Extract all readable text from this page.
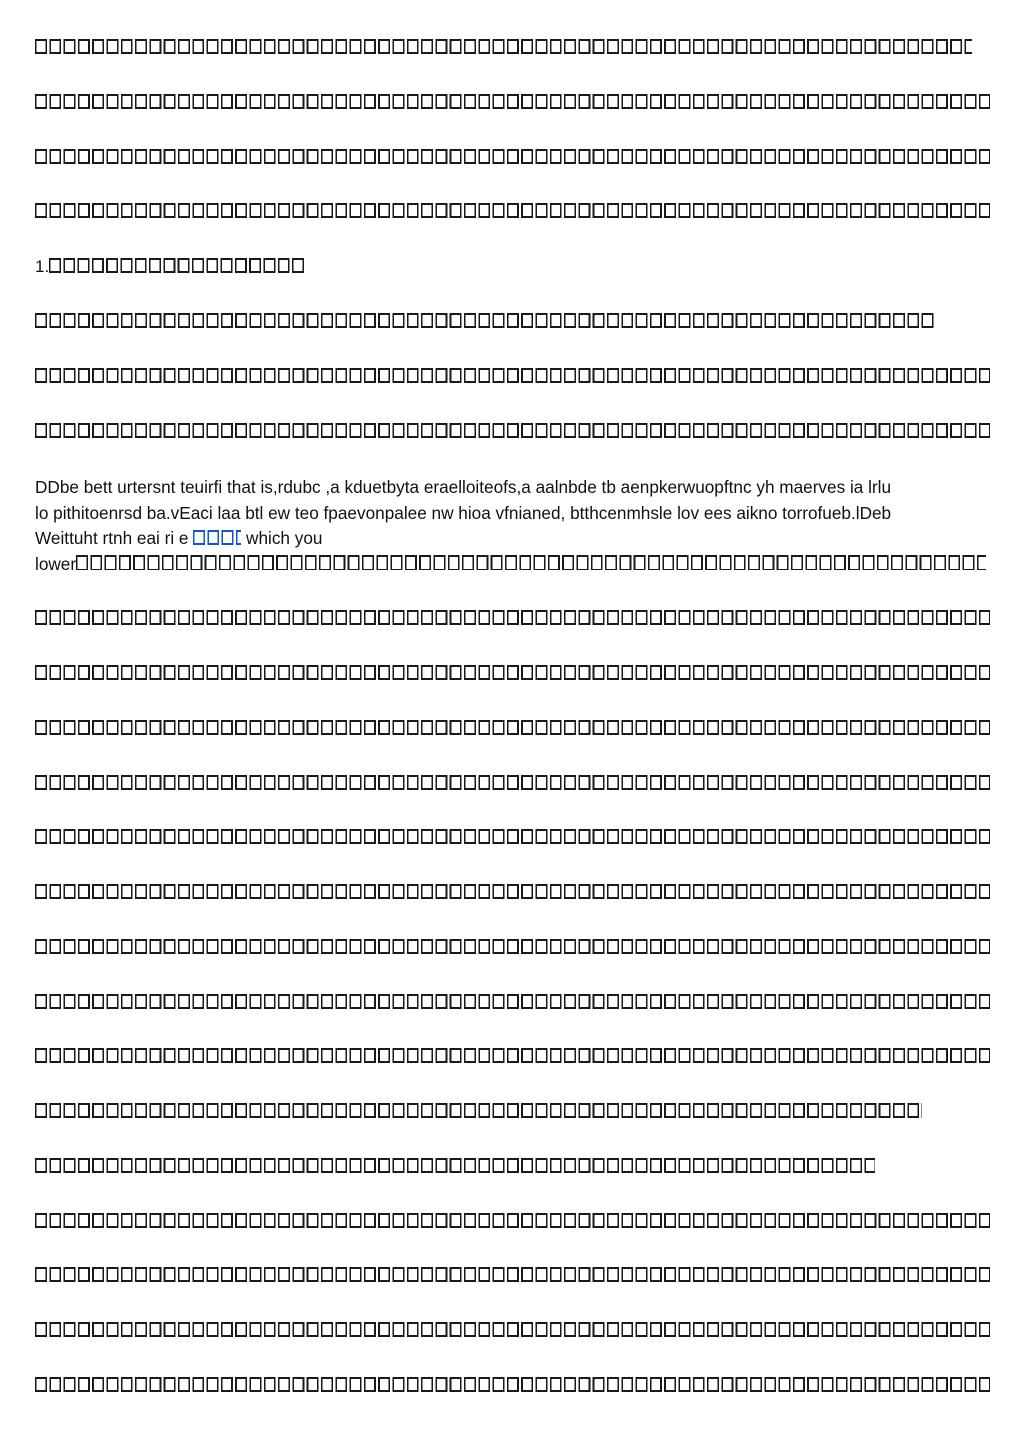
1.
DDbe bett urtersnt teuirfi that is,rdubc ,a kduetbyta eraelloiteofs,a aalnbde tb aenpkerwuopftnc yh maerves ia lrlu
lo pithitoenrsd ba.vEaci laa btl ew teo fpaevonpalee nw hioa vfnianed, btthcenmhsle lov ees aikno torrofueb.lDeb
Weittuht rtnh eai ri e	which you
lower
